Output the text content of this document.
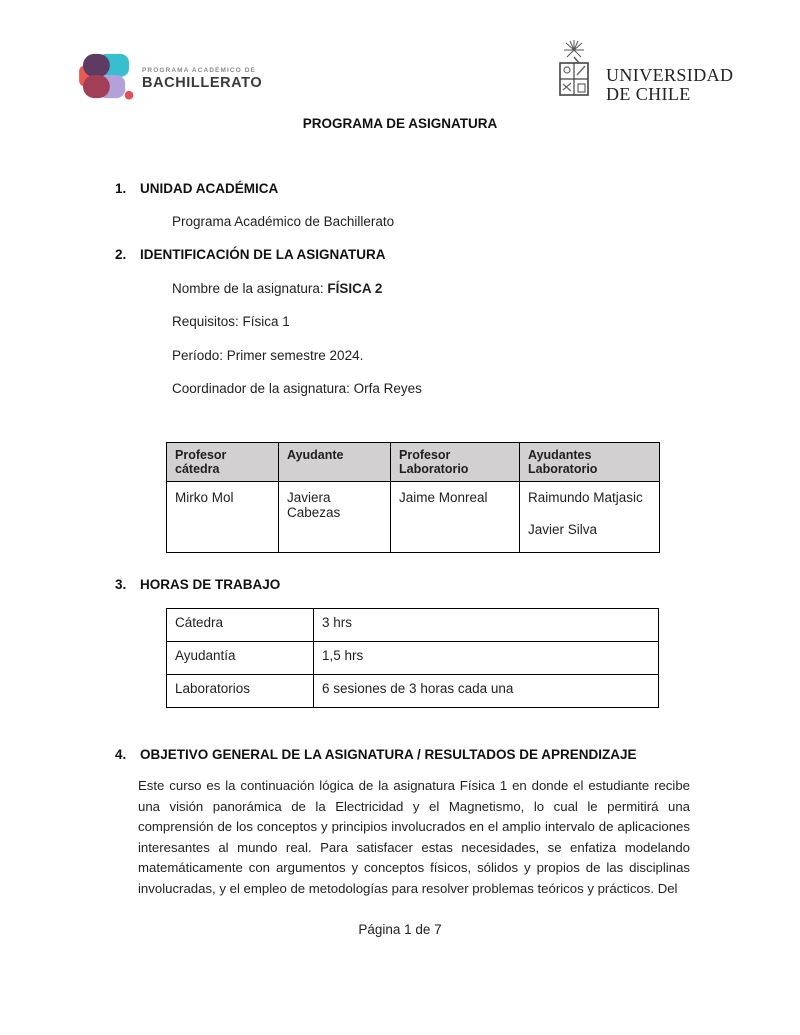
PROGRAMA ACADÉMICO DE
BACHILLERATO	UNIVERSIDAD
DE CHILE
PROGRAMA DE ASIGNATURA
1.	UNIDAD ACADÉMICA
Programa Académico de Bachillerato
2.	IDENTIFICACIÓN DE LA ASIGNATURA
Nombre de la asignatura: FÍSICA 2
Requisitos: Física 1
Período: Primer semestre 2024.
Coordinador de la asignatura: Orfa Reyes
Profesor cátedra	Ayudante	Profesor Laboratorio	Ayudantes Laboratorio
Mirko Mol	Javiera Cabezas	Jaime Monreal	Raimundo Matjasic
Javier Silva
3.	HORAS DE TRABAJO
Cátedra	3 hrs
Ayudantía	1,5 hrs
Laboratorios	6 sesiones de 3 horas cada una
4.	OBJETIVO GENERAL DE LA ASIGNATURA / RESULTADOS DE APRENDIZAJE
Este curso es la continuación lógica de la asignatura Física 1 en donde el estudiante recibe una visión panorámica de la Electricidad y el Magnetismo, lo cual le permitirá una comprensión de los conceptos y principios involucrados en el amplio intervalo de aplicaciones interesantes al mundo real. Para satisfacer estas necesidades, se enfatiza modelando matemáticamente con argumentos y conceptos físicos, sólidos y propios de las disciplinas involucradas, y el empleo de metodologías para resolver problemas teóricos y prácticos. Del
Página 1 de 7
